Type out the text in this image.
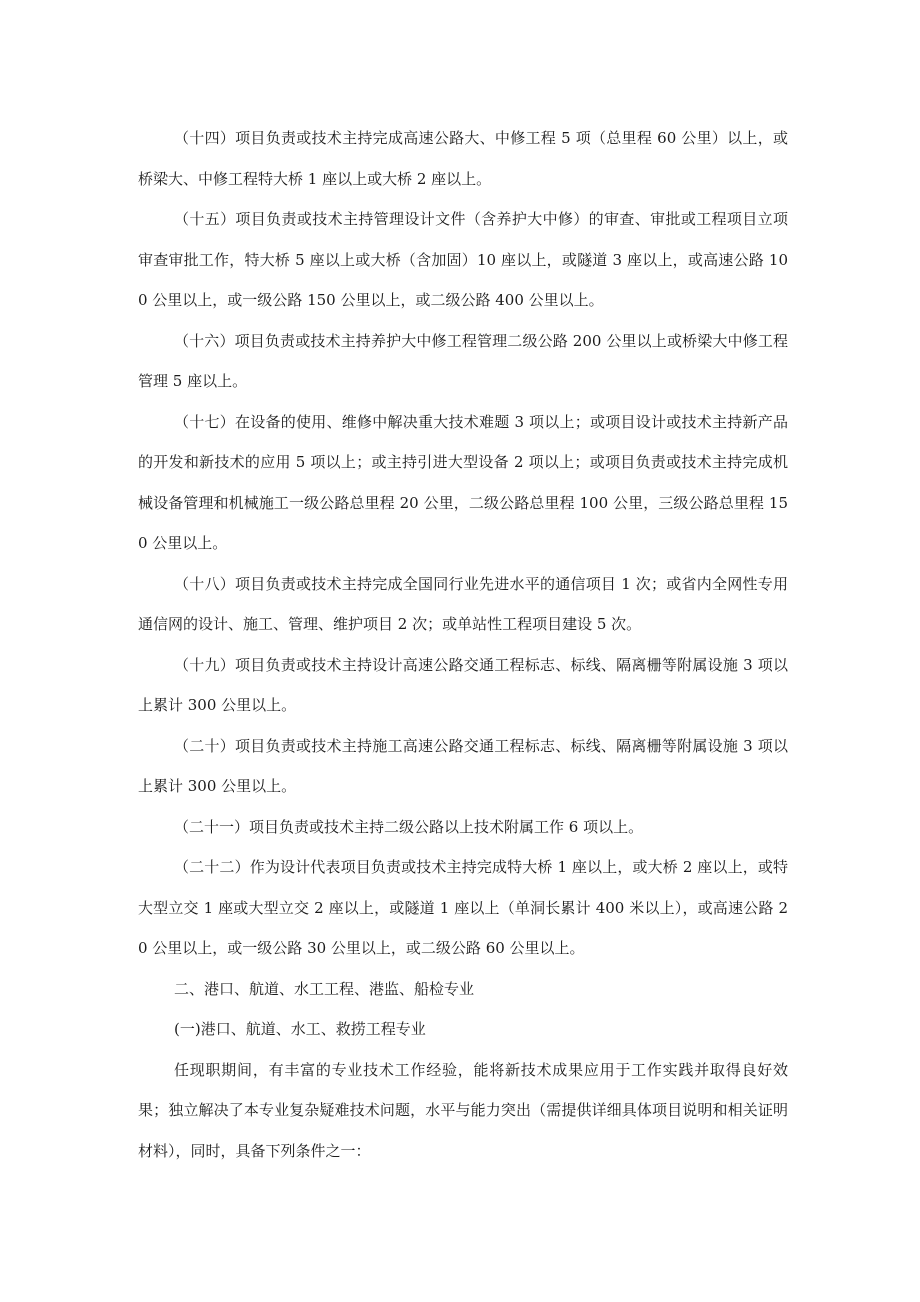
（十四）项目负责或技术主持完成高速公路大、中修工程 5 项（总里程 60 公里）以上，或桥梁大、中修工程特大桥 1 座以上或大桥 2 座以上。

（十五）项目负责或技术主持管理设计文件（含养护大中修）的审查、审批或工程项目立项审查审批工作，特大桥 5 座以上或大桥（含加固）10 座以上，或隧道 3 座以上，或高速公路 100 公里以上，或一级公路 150 公里以上，或二级公路 400 公里以上。

（十六）项目负责或技术主持养护大中修工程管理二级公路 200 公里以上或桥梁大中修工程管理 5 座以上。

（十七）在设备的使用、维修中解决重大技术难题 3 项以上；或项目设计或技术主持新产品的开发和新技术的应用 5 项以上；或主持引进大型设备 2 项以上；或项目负责或技术主持完成机械设备管理和机械施工一级公路总里程 20 公里，二级公路总里程 100 公里，三级公路总里程 150 公里以上。

（十八）项目负责或技术主持完成全国同行业先进水平的通信项目 1 次；或省内全网性专用通信网的设计、施工、管理、维护项目 2 次；或单站性工程项目建设 5 次。

（十九）项目负责或技术主持设计高速公路交通工程标志、标线、隔离栅等附属设施 3 项以上累计 300 公里以上。

（二十）项目负责或技术主持施工高速公路交通工程标志、标线、隔离栅等附属设施 3 项以上累计 300 公里以上。

（二十一）项目负责或技术主持二级公路以上技术附属工作 6 项以上。

（二十二）作为设计代表项目负责或技术主持完成特大桥 1 座以上，或大桥 2 座以上，或特大型立交 1 座或大型立交 2 座以上，或隧道 1 座以上（单洞长累计 400 米以上），或高速公路 20 公里以上，或一级公路 30 公里以上，或二级公路 60 公里以上。

二、港口、航道、水工工程、港监、船检专业

(一)港口、航道、水工、救捞工程专业

任现职期间，有丰富的专业技术工作经验，能将新技术成果应用于工作实践并取得良好效果；独立解决了本专业复杂疑难技术问题，水平与能力突出（需提供详细具体项目说明和相关证明材料），同时，具备下列条件之一：
